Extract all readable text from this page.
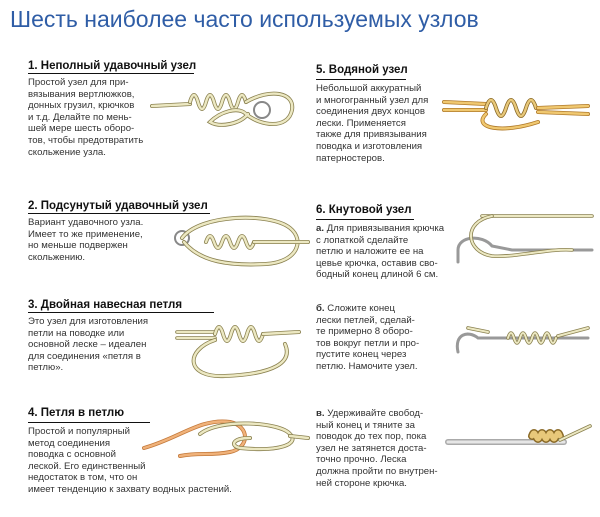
Шесть наиболее часто используемых узлов
1. Неполный удавочный узел

Простой узел для при-
вязывания вертлюжков,
донных грузил, крючков
и т.д. Делайте по мень-
шей мере шесть оборо-
тов, чтобы предотвратить
скольжение узла.

2. Подсунутый удавочный узел

Вариант удавочного узла.
Имеет то же применение,
но меньше подвержен
скольжению.

3. Двойная навесная петля

Это узел для изготовления
петли на поводке или
основной леске – идеален
для соединения «петля в
петлю».

4. Петля в петлю

Простой и популярный
метод соединения
поводка с основной
леской. Его единственный
недостаток в том, что он
имеет тенденцию к захвату водных растений.

5. Водяной узел

Небольшой аккуратный
и многогранный узел для
соединения двух концов
лески. Применяется
также для привязывания
поводка и изготовления
патерностеров.

6. Кнутовой узел

а. Для привязывания крючка
с лопаткой сделайте
петлю и наложите ее на
цевье крючка, оставив сво-
бодный конец длиной 6 см.

б. Сложите конец
лески петлей, сделай-
те примерно 8 оборо-
тов вокруг петли и про-
пустите конец через
петлю. Намочите узел.
в. Удерживайте свобод-
ный конец и тяните за
поводок до тех пор, пока
узел не затянется доста-
точно прочно. Леска
должна пройти по внутрен-
ней стороне крючка.
